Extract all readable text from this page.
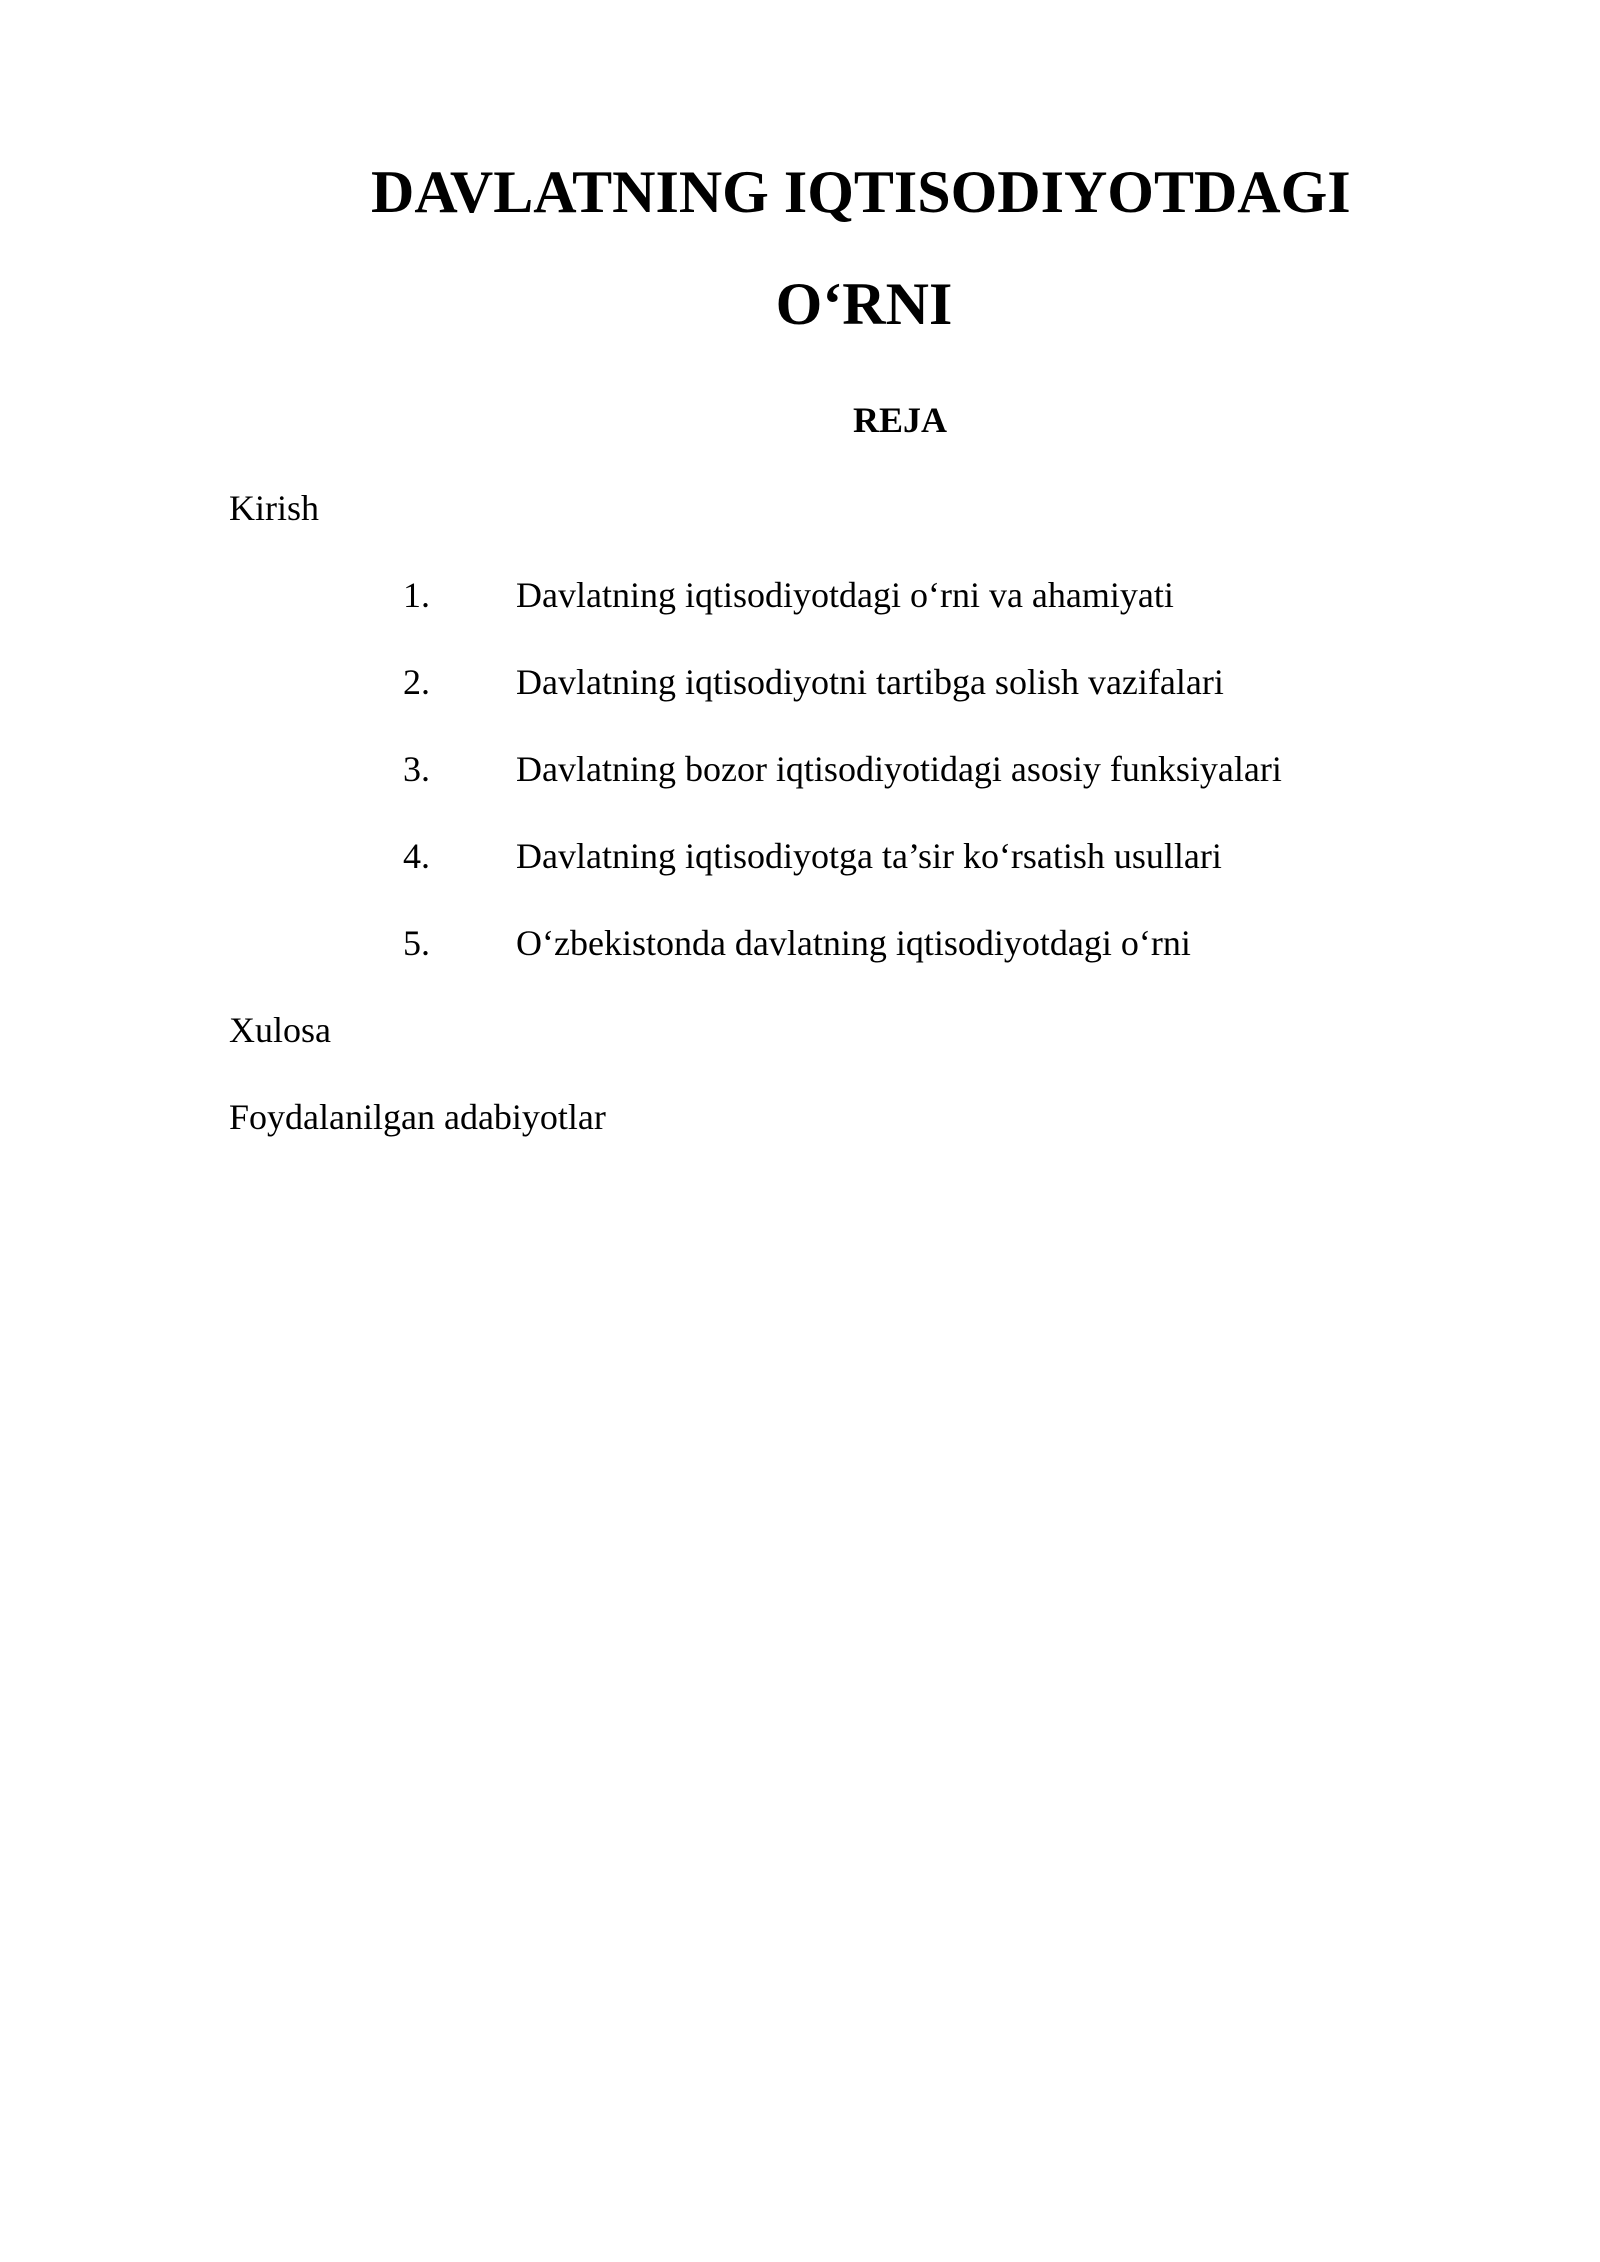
DAVLATNING IQTISODIYOTDAGI
O‘RNI
REJA
Kirish
1. Davlatning iqtisodiyotdagi o‘rni va ahamiyati
2. Davlatning iqtisodiyotni tartibga solish vazifalari
3. Davlatning bozor iqtisodiyotidagi asosiy funksiyalari
4. Davlatning iqtisodiyotga ta’sir ko‘rsatish usullari
5. O‘zbekistonda davlatning iqtisodiyotdagi o‘rni
Xulosa
Foydalanilgan adabiyotlar
